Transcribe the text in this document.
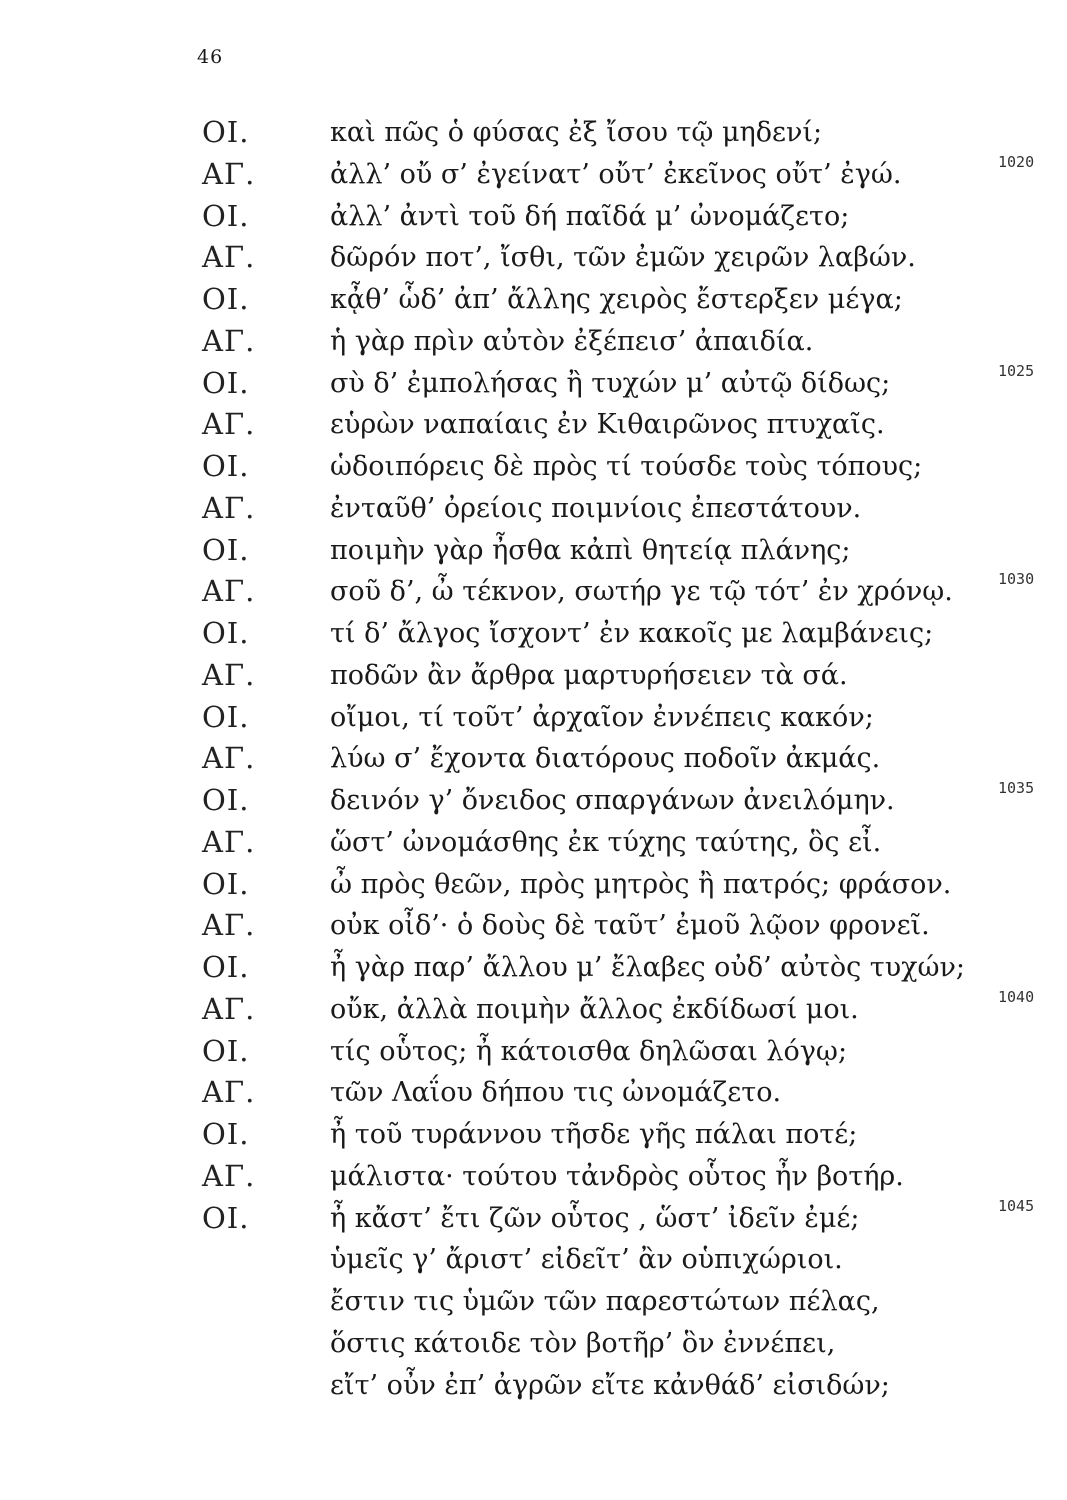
46
ΟΙ.	καὶ πῶς ὁ φύσας ἐξ ἴσου τῷ μηδενί;
ΑΓ.	ἀλλ’ οὔ σ’ ἐγείνατ’ οὔτ’ ἐκεῖνος οὔτ’ ἐγώ.	1020
ΟΙ.	ἀλλ’ ἀντὶ τοῦ δή παῖδά μ’ ὠνομάζετο;
ΑΓ.	δῶρόν ποτ’, ἴσθι, τῶν ἐμῶν χειρῶν λαβών.
ΟΙ.	κᾆθ’ ὧδ’ ἀπ’ ἄλλης χειρὸς ἔστερξεν μέγα;
ΑΓ.	ἡ γὰρ πρὶν αὐτὸν ἐξέπεισ’ ἀπαιδία.
ΟΙ.	σὺ δ’ ἐμπολήσας ἢ τυχών μ’ αὐτῷ δίδως;	1025
ΑΓ.	εὑρὼν ναπαίαις ἐν Κιθαιρῶνος πτυχαῖς.
ΟΙ.	ὡδοιπόρεις δὲ πρὸς τί τούσδε τοὺς τόπους;
ΑΓ.	ἐνταῦθ’ ὀρείοις ποιμνίοις ἐπεστάτουν.
ΟΙ.	ποιμὴν γὰρ ἦσθα κἀπὶ θητείᾳ πλάνης;
ΑΓ.	σοῦ δ’, ὦ τέκνον, σωτήρ γε τῷ τότ’ ἐν χρόνῳ.	1030
ΟΙ.	τί δ’ ἄλγος ἴσχοντ’ ἐν κακοῖς με λαμβάνεις;
ΑΓ.	ποδῶν ἂν ἄρθρα μαρτυρήσειεν τὰ σά.
ΟΙ.	οἴμοι, τί τοῦτ’ ἀρχαῖον ἐννέπεις κακόν;
ΑΓ.	λύω σ’ ἔχοντα διατόρους ποδοῖν ἀκμάς.
ΟΙ.	δεινόν γ’ ὄνειδος σπαργάνων ἀνειλόμην.	1035
ΑΓ.	ὥστ’ ὠνομάσθης ἐκ τύχης ταύτης, ὃς εἶ.
ΟΙ.	ὦ πρὸς θεῶν, πρὸς μητρὸς ἢ πατρός; φράσον.
ΑΓ.	οὐκ οἶδ’· ὁ δοὺς δὲ ταῦτ’ ἐμοῦ λῷον φρονεῖ.
ΟΙ.	ἦ γὰρ παρ’ ἄλλου μ’ ἔλαβες οὐδ’ αὐτὸς τυχών;
ΑΓ.	οὔκ, ἀλλὰ ποιμὴν ἄλλος ἐκδίδωσί μοι.	1040
ΟΙ.	τίς οὗτος; ἦ κάτοισθα δηλῶσαι λόγῳ;
ΑΓ.	τῶν Λαΐου δήπου τις ὠνομάζετο.
ΟΙ.	ἦ τοῦ τυράννου τῆσδε γῆς πάλαι ποτέ;
ΑΓ.	μάλιστα· τούτου τἀνδρὸς οὗτος ἦν βοτήρ.
ΟΙ.	ἦ κἄστ’ ἔτι ζῶν οὗτος , ὥστ’ ἰδεῖν ἐμέ;	1045
ὑμεῖς γ’ ἄριστ’ εἰδεῖτ’ ἂν οὑπιχώριοι.
ἔστιν τις ὑμῶν τῶν παρεστώτων πέλας,
ὅστις κάτοιδε τὸν βοτῆρ’ ὃν ἐννέπει,
εἴτ’ οὖν ἐπ’ ἀγρῶν εἴτε κἀνθάδ’ εἰσιδών;
